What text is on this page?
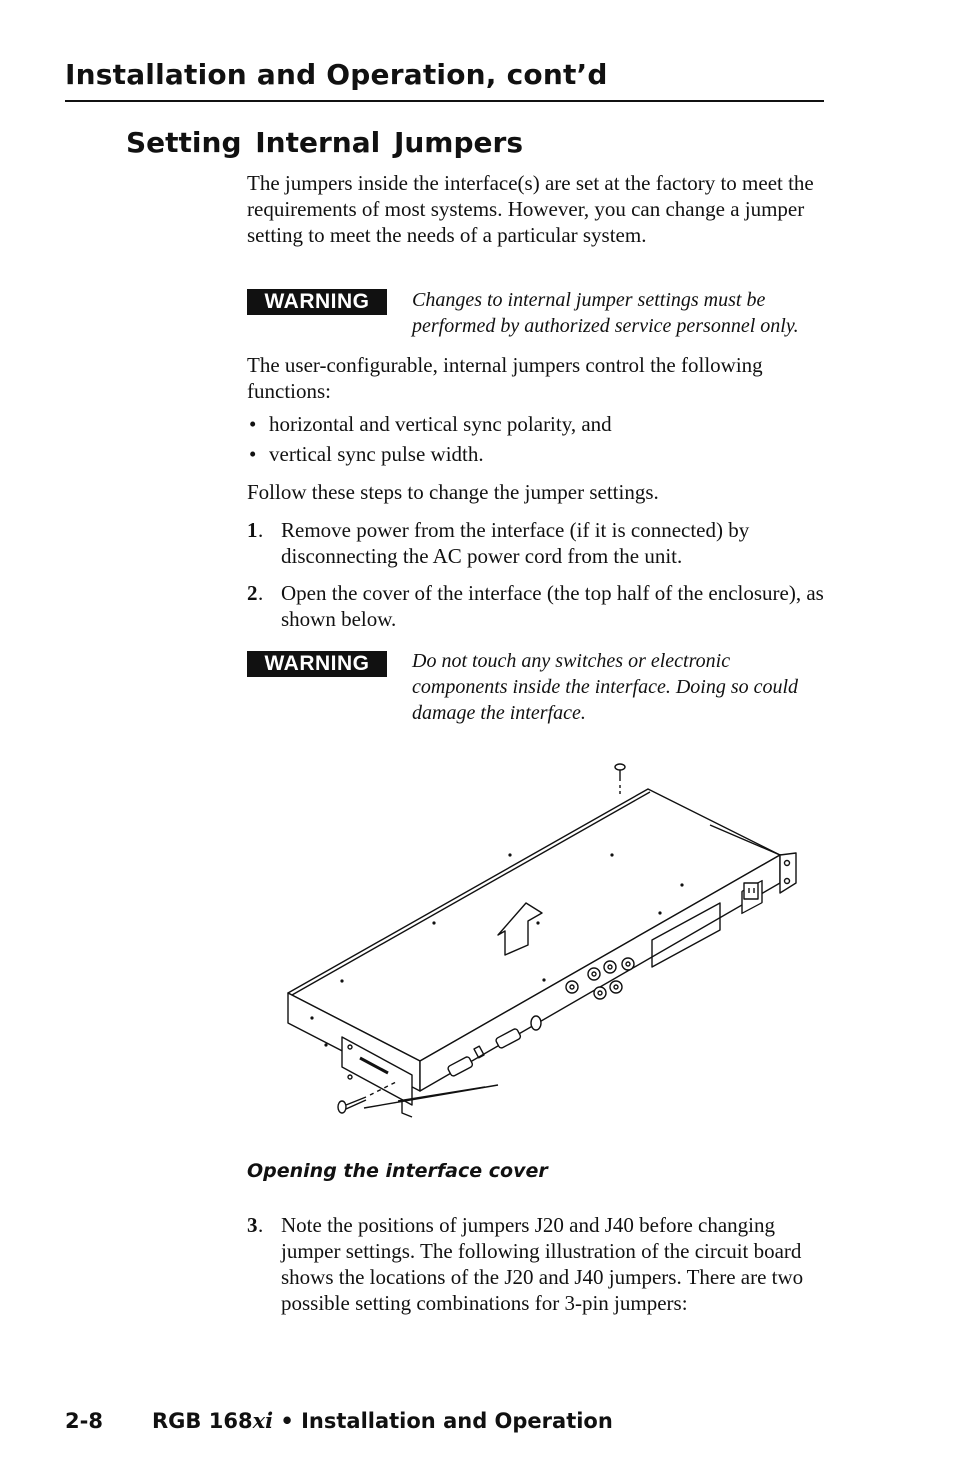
Installation and Operation, cont’d
Setting Internal Jumpers
The jumpers inside the interface(s) are set at the factory to meet the requirements of most systems. However, you can change a jumper setting to meet the needs of a particular system.
WARNING	Changes to internal jumper settings must be performed by authorized service personnel only.
The user-configurable, internal jumpers control the following functions:
• horizontal and vertical sync polarity, and
• vertical sync pulse width.
Follow these steps to change the jumper settings.
1 . Remove power from the interface (if it is connected) by disconnecting the AC power cord from the unit.
2 . Open the cover of the interface (the top half of the enclosure), as shown below.
WARNING	Do not touch any switches or electronic components inside the interface. Doing so could damage the interface.
Opening the interface cover
3 . Note the positions of jumpers J20 and J40 before changing jumper settings. The following illustration of the circuit board shows the locations of the J20 and J40 jumpers. There are two possible setting combinations for 3-pin jumpers:
2-8 RGB 168xi • Installation and Operation
